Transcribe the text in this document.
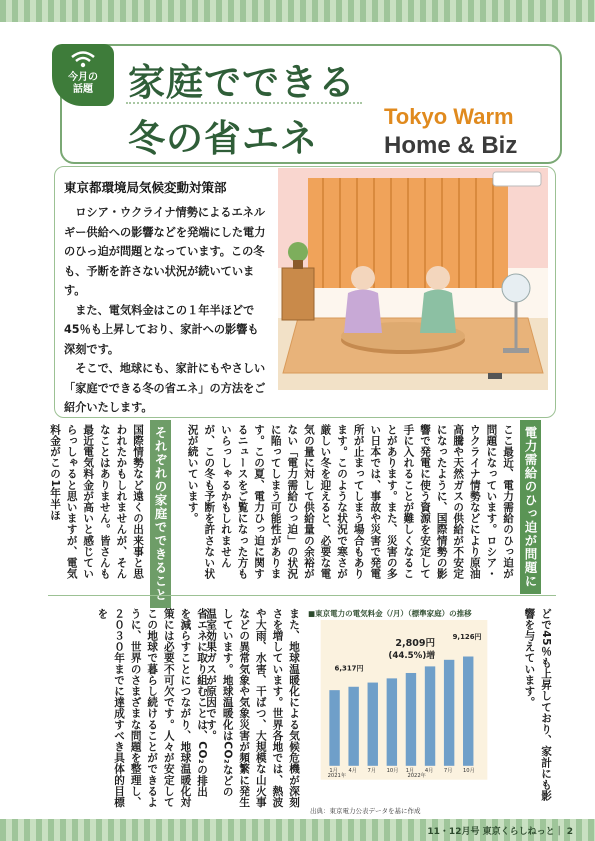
今月の
話題 家庭でできる
冬の省エネ	Tokyo Warm
Home & Biz
東京都環境局気候変動対策部

ロシア・ウクライナ情勢によるエネルギー供給への影響などを発端にした電力のひっ迫が問題となっています。この冬も、予断を許さない状況が続いています。

また、電気料金はこの１年半ほどで45％も上昇しており、家計への影響も深刻です。

そこで、地球にも、家計にもやさしい「家庭でできる冬の省エネ」の方法をご紹介いたします。

電力需給のひっ迫が問題に
ここ最近、電力需給のひっ迫が問題になっています。ロシア・ウクライナ情勢などにより原油高騰や天然ガスの供給が不安定になったように、国際情勢の影響で発電に使う資源を安定して手に入れることが難しくなることがあります。また、災害の多い日本では、事故や災害で発電所が止まってしまう場合もあります。このような状況で寒さが厳しい冬を迎えると、必要な電気の量に対して供給量の余裕がない「電力需給ひっ迫」の状況に陥ってしまう可能性があります。この夏、電力ひっ迫に関するニュースをご覧になった方もいらっしゃるかもしれませんが、この冬も予断を許さない状況が続いています。
それぞれの家庭でできること
国際情勢など遠くの出来事と思われたかもしれませんが、そんなことはありません。皆さんも最近電気料金が高いと感じていらっしゃると思いますが、電気料金がこの1年半ほ
どで45％も上昇しており、家計にも影響を与えています。
また、地球温暖化による気候危機が深刻さを増しています。世界各地では、熱波や大雨、水害、干ばつ、大規模な山火事などの異常気象や気象災害が頻繁に発生しています。地球温暖化はCO₂などの温室効果ガスが原因です。
省エネに取り組むことは、CO₂の排出を減らすことにつながり、地球温暖化対策には必要不可欠です。人々が安定してこの地球で暮らし続けることができるように、世界のさまざまな問題を整理し、２０３０年までに達成すべき具体的目標を	■東京電力の電気料金（/月）（標準家庭）の推移
1月 4月 7月 10月 1月 4月 7月 10月
6,317円
9,126円
2,809円
(44.5%)増
2021年	2022年
出典：東京電力公表データを基に作成
11・12月号 東京くらしねっと｜ 2
